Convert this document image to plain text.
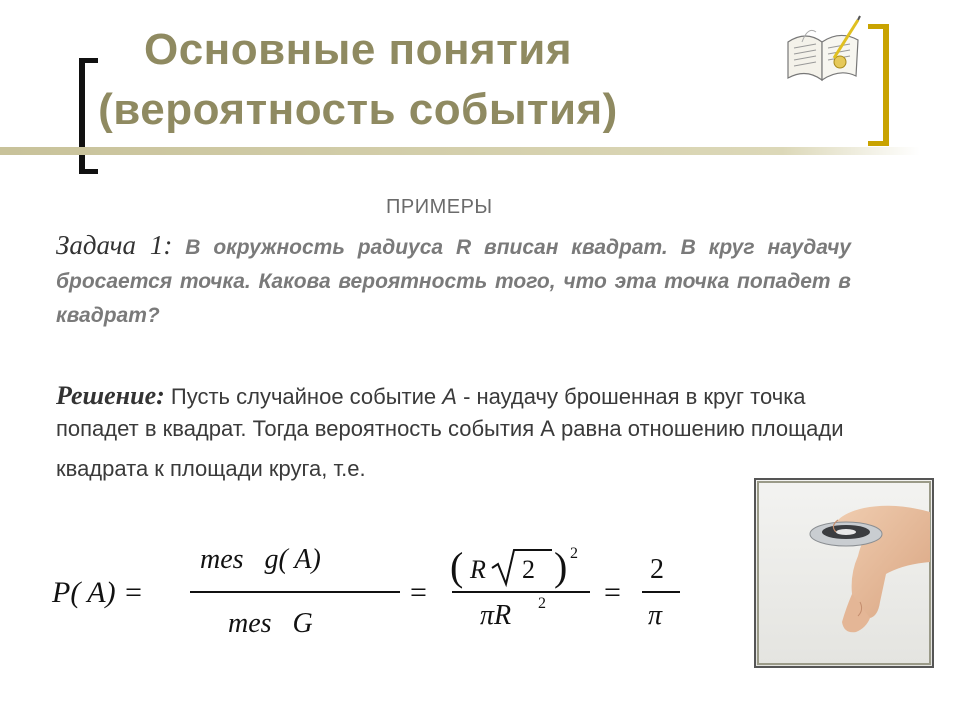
Основные понятия
(вероятность события)
ПРИМЕРЫ
Задача 1: В окружность радиуса R вписан квадрат. В круг наудачу бросается точка. Какова вероятность того, что эта точка попадет в квадрат?
Решение: Пусть случайное событие A - наудачу брошенная в круг точка попадет в квадрат. Тогда вероятность события А равна отношению площади
квадрата к площади круга, т.е.
P( A) =
mes   g( A)
mes   G
=
( R 2 ) 2
πR 2 =
2
π
